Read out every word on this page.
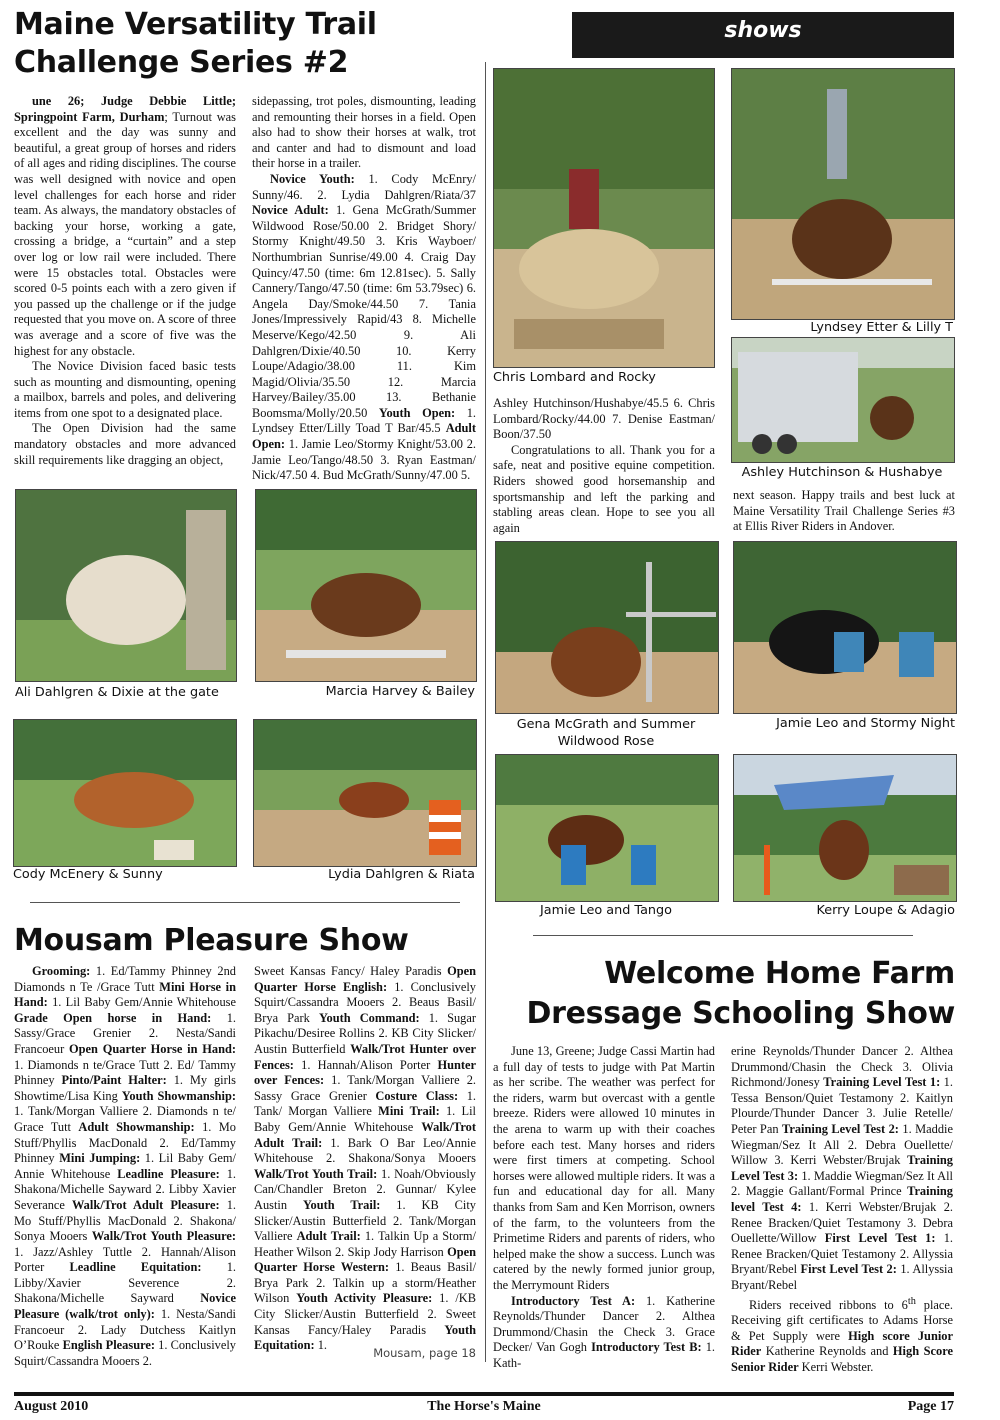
shows
Maine Versatility Trail
Challenge Series #2

une 26; Judge Debbie Little; Springpoint Farm, Durham; Turnout was excellent and the day was sunny and beautiful, a great group of horses and riders of all ages and riding disciplines. The course was well designed with novice and open level challenges for each horse and rider team. As always, the mandatory obstacles of backing your horse, working a gate, crossing a bridge, a “curtain” and a step over log or low rail were included. There were 15 obstacles total. Obstacles were scored 0-5 points each with a zero given if you passed up the challenge or if the judge requested that you move on. A score of three was average and a score of five was the highest for any obstacle.

The Novice Division faced basic tests such as mounting and dismounting, opening a mailbox, barrels and poles, and delivering items from one spot to a designated place.

The Open Division had the same mandatory obstacles and more advanced skill requirements like dragging an object,

sidepassing, trot poles, dismounting, leading and remounting their horses in a field. Open also had to show their horses at walk, trot and canter and had to dismount and load their horse in a trailer.

Novice Youth: 1. Cody McEnry/ Sunny/46. 2. Lydia Dahlgren/Riata/37 Novice Adult: 1. Gena McGrath/Summer Wildwood Rose/50.00 2. Bridget Shory/ Stormy Knight/49.50 3. Kris Wayboer/ Northumbrian Sunrise/49.00 4. Craig Day Quincy/47.50 (time: 6m 12.81sec). 5. Sally Cannery/Tango/47.50 (time: 6m 53.79sec) 6. Angela Day/Smoke/44.50 7. Tania Jones/Impressively Rapid/43 8. Michelle Meserve/Kego/42.50 9. Ali Dahlgren/Dixie/40.50 10. Kerry Loupe/Adagio/38.00 11. Kim Magid/Olivia/35.50 12. Marcia Harvey/Bailey/35.00 13. Bethanie Boomsma/Molly/20.50 Youth Open: 1. Lyndsey Etter/Lilly Toad T Bar/45.5 Adult Open: 1. Jamie Leo/Stormy Knight/53.00 2. Jamie Leo/Tango/48.50 3. Ryan Eastman/ Nick/47.50 4. Bud McGrath/Sunny/47.00 5.

Chris Lombard and Rocky
Lyndsey Etter & Lilly T
Ashley Hutchinson & Hushabye

Ashley Hutchinson/Hushabye/45.5 6. Chris Lombard/Rocky/44.00 7. Denise Eastman/ Boon/37.50

Congratulations to all. Thank you for a safe, neat and positive equine competition. Riders showed good horsemanship and sportsmanship and left the parking and stabling areas clean. Hope to see you all again

next season. Happy trails and best luck at Maine Versatility Trail Challenge Series #3 at Ellis River Riders in Andover.

Ali Dahlgren & Dixie at the gate	Marcia Harvey & Bailey
Gena McGrath and Summer
Wildwood Rose
Jamie Leo and Stormy Night
Cody McEnery & Sunny	Lydia Dahlgren & Riata
Jamie Leo and Tango	Kerry Loupe & Adagio
Mousam Pleasure Show

Grooming: 1. Ed/Tammy Phinney 2nd Diamonds n Te /Grace Tutt Mini Horse in Hand: 1. Lil Baby Gem/Annie Whitehouse Grade Open horse in Hand: 1. Sassy/Grace Grenier 2. Nesta/Sandi Francoeur Open Quarter Horse in Hand: 1. Diamonds n te/Grace Tutt 2. Ed/ Tammy Phinney Pinto/Paint Halter: 1. My girls Showtime/Lisa King Youth Showmanship: 1. Tank/Morgan Valliere 2. Diamonds n te/ Grace Tutt Adult Showmanship: 1. Mo Stuff/Phyllis MacDonald 2. Ed/Tammy Phinney Mini Jumping: 1. Lil Baby Gem/ Annie Whitehouse Leadline Pleasure: 1. Shakona/Michelle Sayward 2. Libby Xavier Severance Walk/Trot Adult Pleasure: 1. Mo Stuff/Phyllis MacDonald 2. Shakona/ Sonya Mooers Walk/Trot Youth Pleasure: 1. Jazz/Ashley Tuttle 2. Hannah/Alison Porter Leadline Equitation: 1. Libby/Xavier Severence 2. Shakona/Michelle Sayward Novice Pleasure (walk/trot only): 1. Nesta/Sandi Francoeur 2. Lady Dutchess Kaitlyn O’Rouke English Pleasure: 1. Conclusively Squirt/Cassandra Mooers 2.

Sweet Kansas Fancy/ Haley Paradis Open Quarter Horse English: 1. Conclusively Squirt/Cassandra Mooers 2. Beaus Basil/ Brya Park Youth Command: 1. Sugar Pikachu/Desiree Rollins 2. KB City Slicker/ Austin Butterfield Walk/Trot Hunter over Fences: 1. Hannah/Alison Porter Hunter over Fences: 1. Tank/Morgan Valliere 2. Sassy Grace Grenier Costure Class: 1. Tank/ Morgan Valliere Mini Trail: 1. Lil Baby Gem/Annie Whitehouse Walk/Trot Adult Trail: 1. Bark O Bar Leo/Annie Whitehouse 2. Shakona/Sonya Mooers Walk/Trot Youth Trail: 1. Noah/Obviously Can/Chandler Breton 2. Gunnar/ Kylee Austin Youth Trail: 1. KB City Slicker/Austin Butterfield 2. Tank/Morgan Valliere Adult Trail: 1. Talkin Up a Storm/ Heather Wilson 2. Skip Jody Harrison Open Quarter Horse Western: 1. Beaus Basil/ Brya Park 2. Talkin up a storm/Heather Wilson Youth Activity Pleasure: 1. /KB City Slicker/Austin Butterfield 2. Sweet Kansas Fancy/Haley Paradis Youth Equitation: 1.

Mousam, page 18
Welcome Home Farm
Dressage Schooling Show

June 13, Greene; Judge Cassi Martin had a full day of tests to judge with Pat Martin as her scribe. The weather was perfect for the riders, warm but overcast with a gentle breeze. Riders were allowed 10 minutes in the arena to warm up with their coaches before each test. Many horses and riders were first timers at competing. School horses were allowed multiple riders. It was a fun and educational day for all. Many thanks from Sam and Ken Morrison, owners of the farm, to the volunteers from the Primetime Riders and parents of riders, who helped make the show a success. Lunch was catered by the newly formed junior group, the Merrymount Riders

Introductory Test A: 1. Katherine Reynolds/Thunder Dancer 2. Althea Drummond/Chasin the Check 3. Grace Decker/ Van Gogh Introductory Test B: 1. Kath-

erine Reynolds/Thunder Dancer 2. Althea Drummond/Chasin the Check 3. Olivia Richmond/Jonesy Training Level Test 1: 1. Tessa Benson/Quiet Testamony 2. Kaitlyn Plourde/Thunder Dancer 3. Julie Retelle/ Peter Pan Training Level Test 2: 1. Maddie Wiegman/Sez It All 2. Debra Ouellette/ Willow 3. Kerri Webster/Brujak Training Level Test 3: 1. Maddie Wiegman/Sez It All 2. Maggie Gallant/Formal Prince Training level Test 4: 1. Kerri Webster/Brujak 2. Renee Bracken/Quiet Testamony 3. Debra Ouellette/Willow First Level Test 1: 1. Renee Bracken/Quiet Testamony 2. Allyssia Bryant/Rebel First Level Test 2: 1. Allyssia Bryant/Rebel

Riders received ribbons to 6th place. Receiving gift certificates to Adams Horse & Pet Supply were High score Junior Rider Katherine Reynolds and High Score Senior Rider Kerri Webster.

August 2010	The Horse's Maine	Page 17
